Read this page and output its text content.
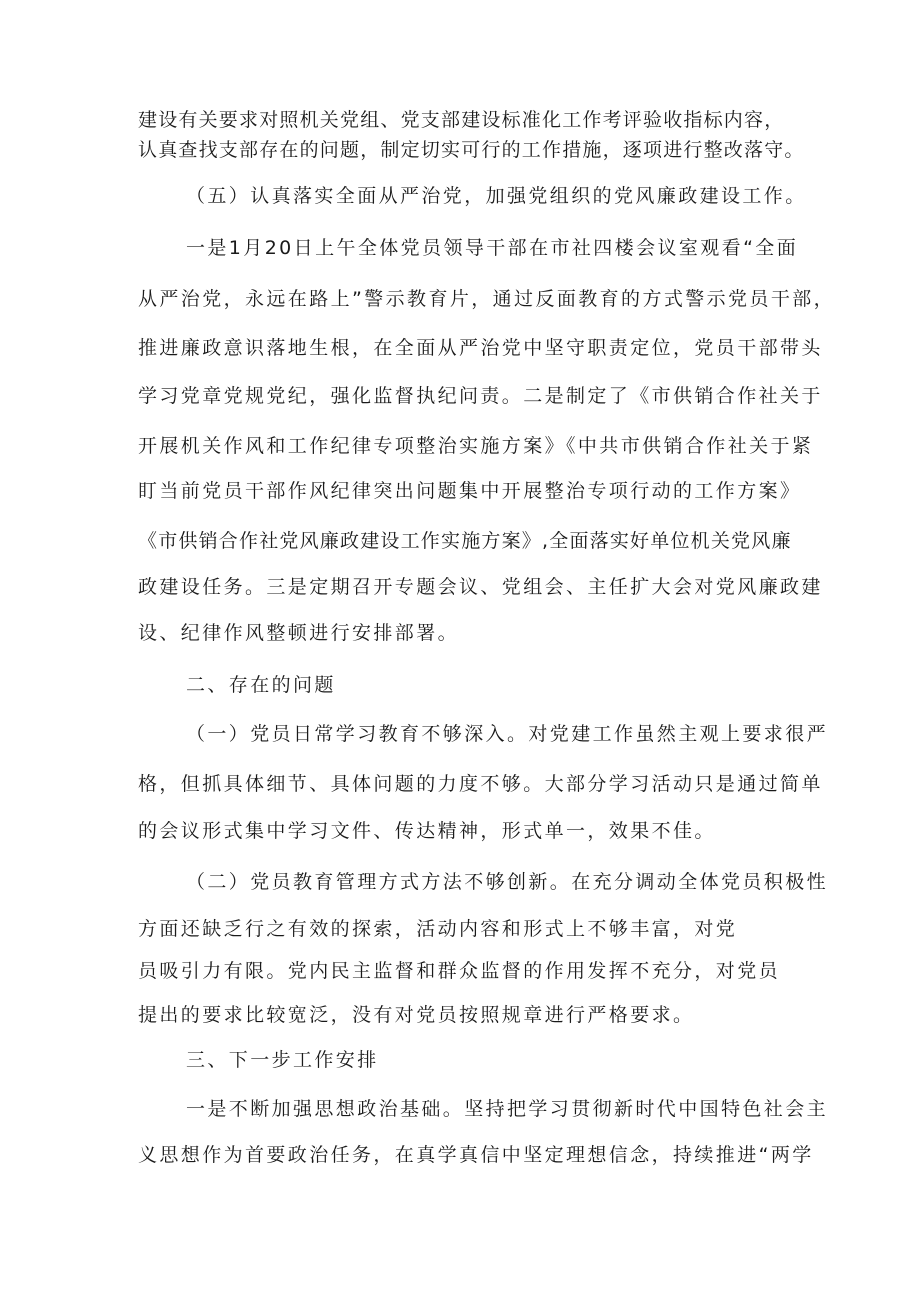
建设有关要求对照机关党组、党支部建设标准化工作考评验收指标内容，
认真查找支部存在的问题，制定切实可行的工作措施，逐项进行整改落守。
（五）认真落实全面从严治党，加强党组织的党风廉政建设工作。
一是1月20日上午全体党员领导干部在市社四楼会议室观看“全面
从严治党，永远在路上”警示教育片，通过反面教育的方式警示党员干部，
推进廉政意识落地生根，在全面从严治党中坚守职责定位，党员干部带头
学习党章党规党纪，强化监督执纪问责。二是制定了《市供销合作社关于
开展机关作风和工作纪律专项整治实施方案》《中共市供销合作社关于紧
盯当前党员干部作风纪律突出问题集中开展整治专项行动的工作方案》
《市供销合作社党风廉政建设工作实施方案》,全面落实好单位机关党风廉
政建设任务。三是定期召开专题会议、党组会、主任扩大会对党风廉政建
设、纪律作风整顿进行安排部署。
二、存在的问题
（一）党员日常学习教育不够深入。对党建工作虽然主观上要求很严
格，但抓具体细节、具体问题的力度不够。大部分学习活动只是通过简单
的会议形式集中学习文件、传达精神，形式单一，效果不佳。
（二）党员教育管理方式方法不够创新。在充分调动全体党员积极性
方面还缺乏行之有效的探索，活动内容和形式上不够丰富，对党
员吸引力有限。党内民主监督和群众监督的作用发挥不充分，对党员
提出的要求比较宽泛，没有对党员按照规章进行严格要求。
三、下一步工作安排
一是不断加强思想政治基础。坚持把学习贯彻新时代中国特色社会主
义思想作为首要政治任务，在真学真信中坚定理想信念，持续推进“两学
